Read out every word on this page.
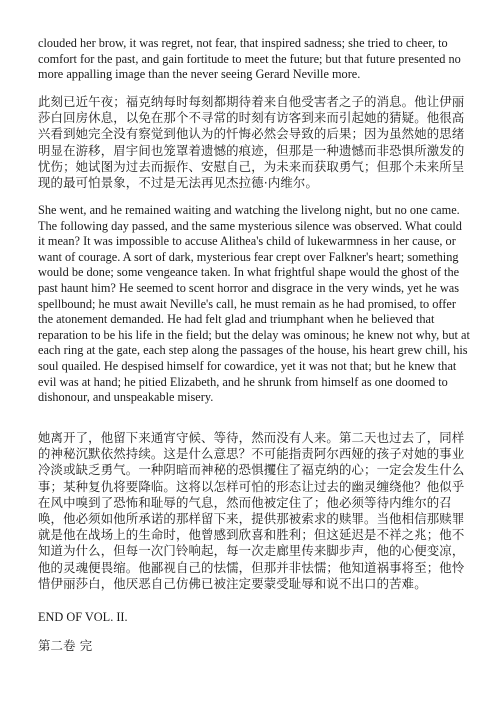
clouded her brow, it was regret, not fear, that inspired sadness; she tried to cheer, to comfort for the past, and gain fortitude to meet the future; but that future presented no more appalling image than the never seeing Gerard Neville more.

此刻已近午夜；福克纳每时每刻都期待着来自他受害者之子的消息。他让伊丽莎白回房休息，以免在那个不寻常的时刻有访客到来而引起她的猜疑。他很高兴看到她完全没有察觉到他认为的忏悔必然会导致的后果；因为虽然她的思绪明显在游移，眉宇间也笼罩着遗憾的痕迹，但那是一种遗憾而非恐惧所激发的忧伤；她试图为过去而振作、安慰自己，为未来而获取勇气；但那个未来所呈现的最可怕景象，不过是无法再见杰拉德·内维尔。

She went, and he remained waiting and watching the livelong night, but no one came. The following day passed, and the same mysterious silence was observed. What could it mean? It was impossible to accuse Alithea's child of lukewarmness in her cause, or want of courage. A sort of dark, mysterious fear crept over Falkner's heart; something would be done; some vengeance taken. In what frightful shape would the ghost of the past haunt him? He seemed to scent horror and disgrace in the very winds, yet he was spellbound; he must await Neville's call, he must remain as he had promised, to offer the atonement demanded. He had felt glad and triumphant when he believed that reparation to be his life in the field; but the delay was ominous; he knew not why, but at each ring at the gate, each step along the passages of the house, his heart grew chill, his soul quailed. He despised himself for cowardice, yet it was not that; but he knew that evil was at hand; he pitied Elizabeth, and he shrunk from himself as one doomed to dishonour, and unspeakable misery.

她离开了，他留下来通宵守候、等待，然而没有人来。第二天也过去了，同样的神秘沉默依然持续。这是什么意思？不可能指责阿尔西娅的孩子对她的事业冷淡或缺乏勇气。一种阴暗而神秘的恐惧攫住了福克纳的心；一定会发生什么事；某种复仇将要降临。这将以怎样可怕的形态让过去的幽灵缠绕他？他似乎在风中嗅到了恐怖和耻辱的气息，然而他被定住了；他必须等待内维尔的召唤，他必须如他所承诺的那样留下来，提供那被索求的赎罪。当他相信那赎罪就是他在战场上的生命时，他曾感到欣喜和胜利；但这延迟是不祥之兆；他不知道为什么，但每一次门铃响起，每一次走廊里传来脚步声，他的心便变凉，他的灵魂便畏缩。他鄙视自己的怯懦，但那并非怯懦；他知道祸事将至；他怜惜伊丽莎白，他厌恶自己仿佛已被注定要蒙受耻辱和说不出口的苦难。

END OF VOL. II.

第二卷 完
